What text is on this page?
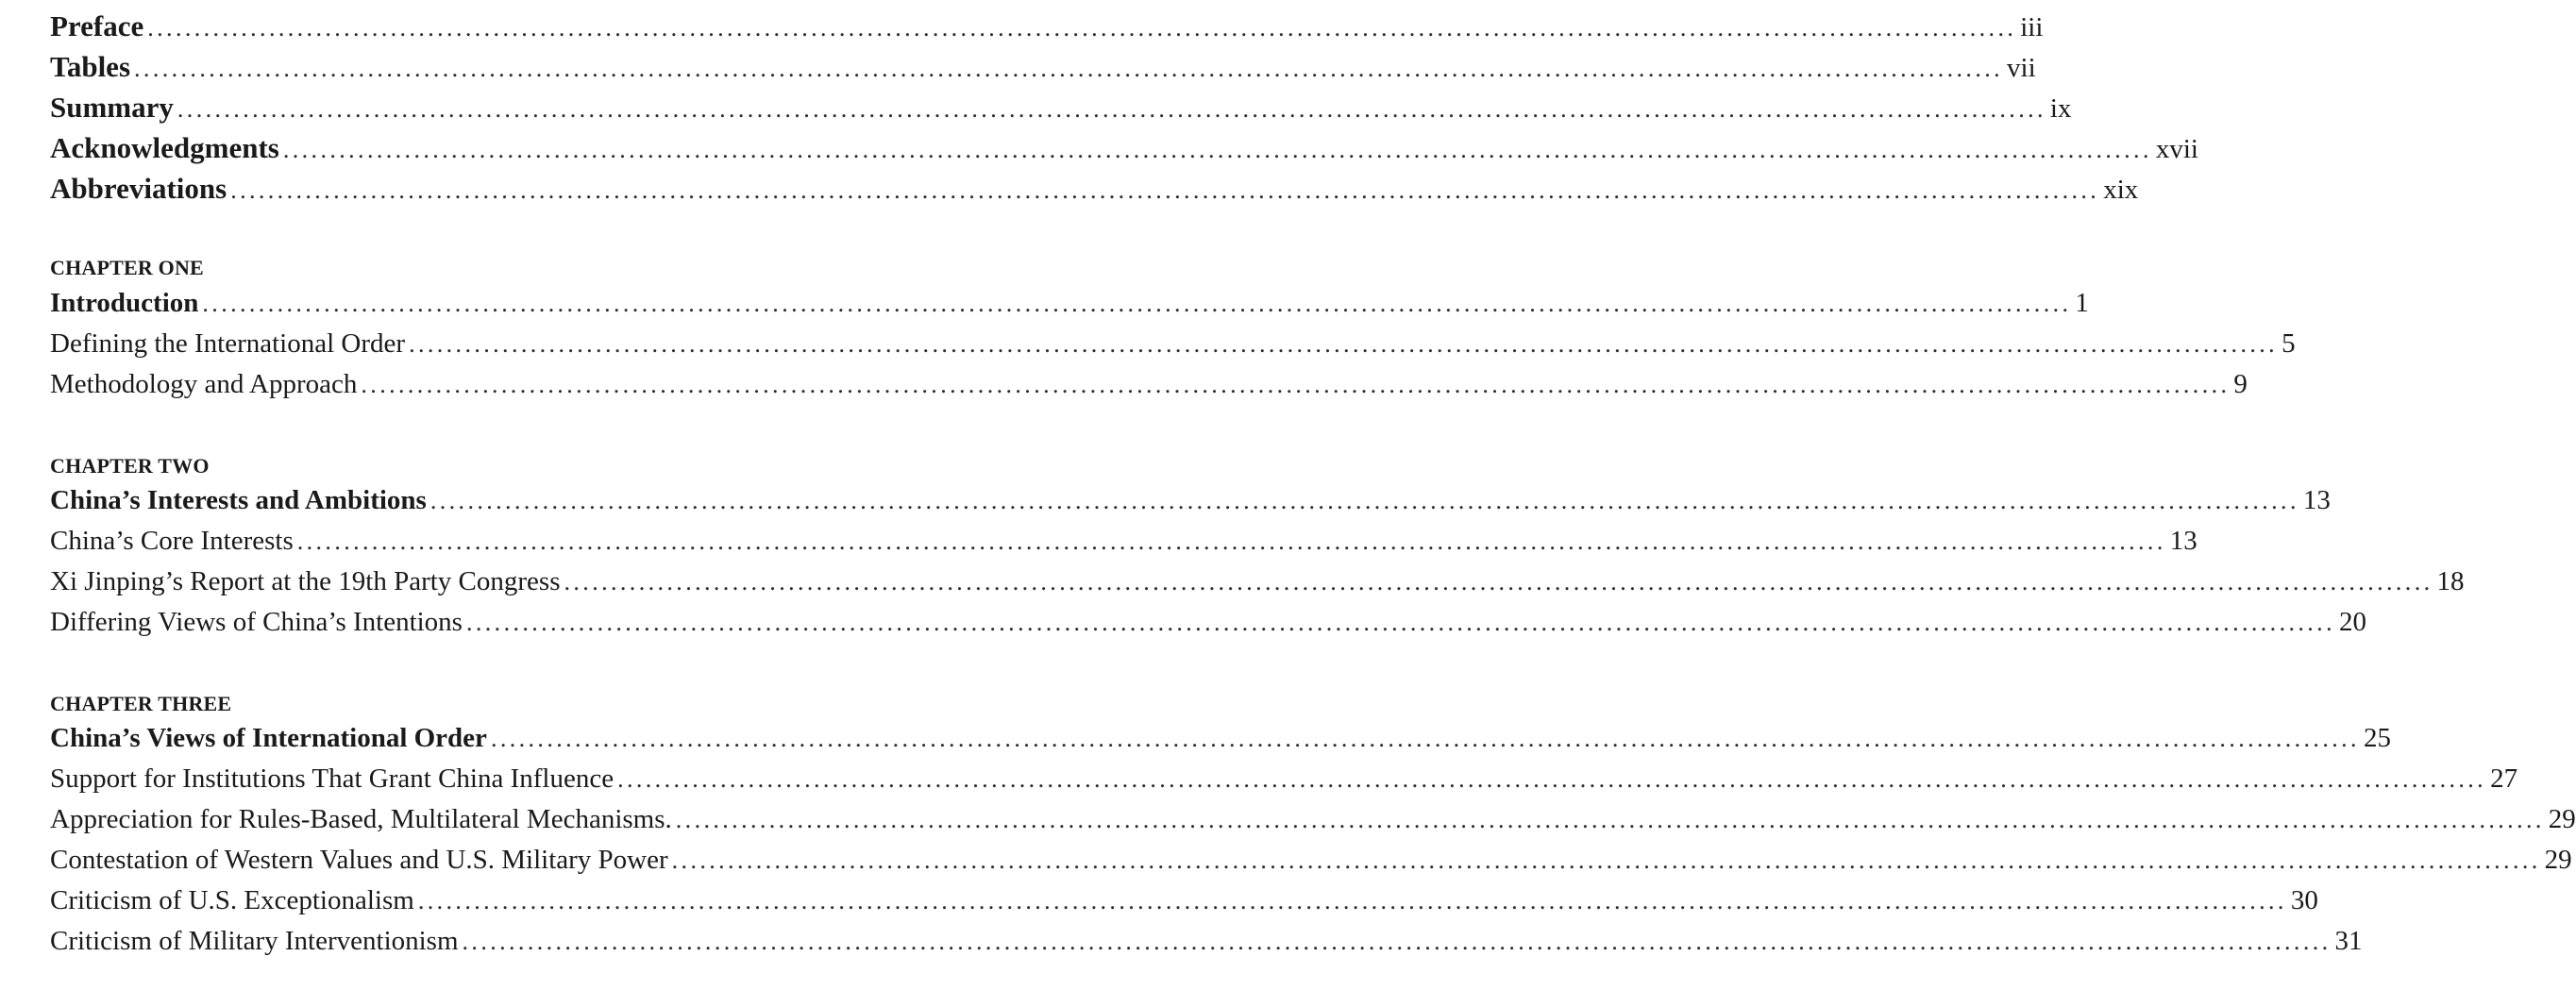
Preface ........................................................................................................................................................................................................ iii
Tables ........................................................................................................................................................................................................ vii
Summary ........................................................................................................................................................................................................ ix
Acknowledgments ........................................................................................................................................................................................................ xvii
Abbreviations ........................................................................................................................................................................................................ xix
CHAPTER ONE
Introduction ........................................................................................................................................................................................................ 1
Defining the International Order ........................................................................................................................................................................................................ 5
Methodology and Approach ........................................................................................................................................................................................................ 9
CHAPTER TWO
China’s Interests and Ambitions ........................................................................................................................................................................................................ 13
China’s Core Interests ........................................................................................................................................................................................................ 13
Xi Jinping’s Report at the 19th Party Congress ........................................................................................................................................................................................................ 18
Differing Views of China’s Intentions ........................................................................................................................................................................................................ 20
CHAPTER THREE
China’s Views of International Order ........................................................................................................................................................................................................ 25
Support for Institutions That Grant China Influence ........................................................................................................................................................................................................ 27
Appreciation for Rules-Based, Multilateral Mechanisms. ........................................................................................................................................................................................................ 29
Contestation of Western Values and U.S. Military Power ........................................................................................................................................................................................................ 29
Criticism of U.S. Exceptionalism ........................................................................................................................................................................................................ 30
Criticism of Military Interventionism ........................................................................................................................................................................................................ 31
